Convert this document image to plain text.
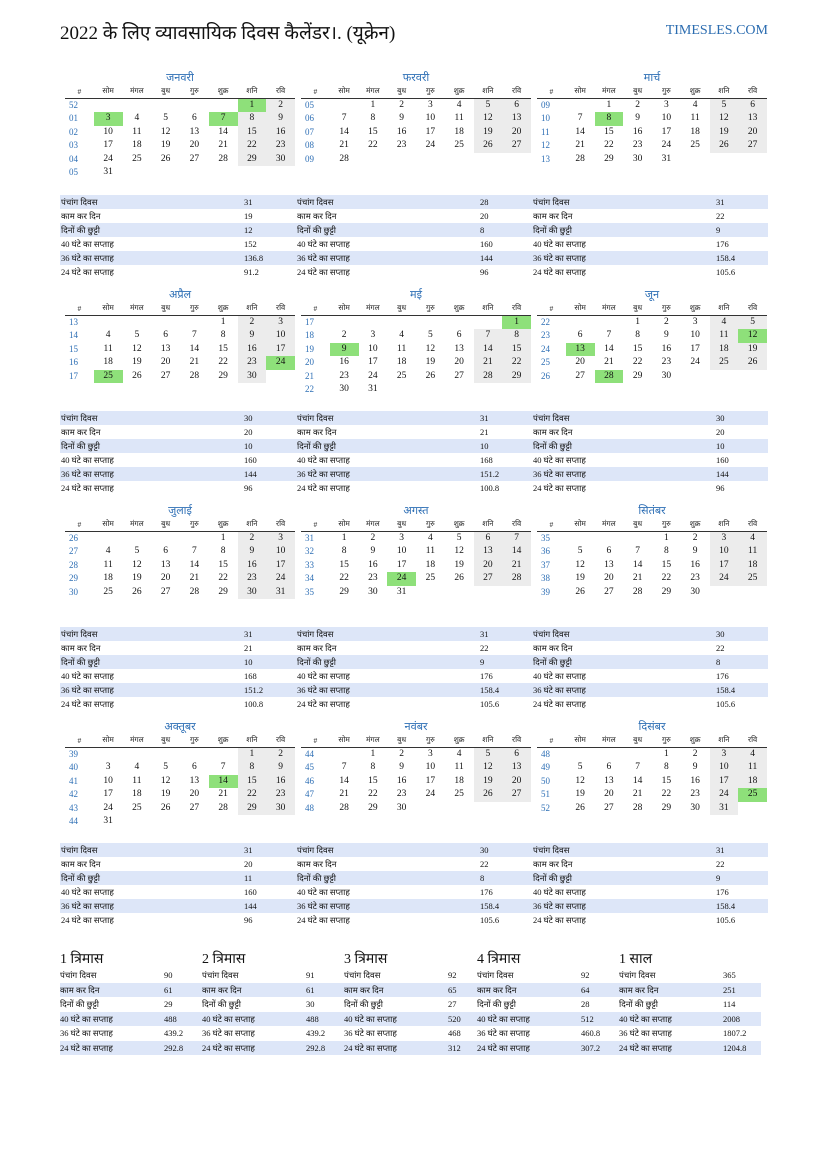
2022 के लिए व्यावसायिक दिवस कैलेंडर।. (यूक्रेन)	TIMESLES.COM
जनवरी
#	सोम	मंगल	बुध	गुरु	शुक्र	शनि	रवि
52						1	2
01	3	4	5	6	7	8	9
02	10	11	12	13	14	15	16
03	17	18	19	20	21	22	23
04	24	25	26	27	28	29	30
05	31						
पंचांग दिवस	31
काम कर दिन	19
दिनों की छुट्टी	12
40 घंटे का सप्ताह	152
36 घंटे का सप्ताह	136.8
24 घंटे का सप्ताह	91.2
फरवरी
#	सोम	मंगल	बुध	गुरु	शुक्र	शनि	रवि
05		1	2	3	4	5	6
06	7	8	9	10	11	12	13
07	14	15	16	17	18	19	20
08	21	22	23	24	25	26	27
09	28						
पंचांग दिवस	28
काम कर दिन	20
दिनों की छुट्टी	8
40 घंटे का सप्ताह	160
36 घंटे का सप्ताह	144
24 घंटे का सप्ताह	96
मार्च
#	सोम	मंगल	बुध	गुरु	शुक्र	शनि	रवि
09		1	2	3	4	5	6
10	7	8	9	10	11	12	13
11	14	15	16	17	18	19	20
12	21	22	23	24	25	26	27
13	28	29	30	31			
पंचांग दिवस	31
काम कर दिन	22
दिनों की छुट्टी	9
40 घंटे का सप्ताह	176
36 घंटे का सप्ताह	158.4
24 घंटे का सप्ताह	105.6
अप्रैल
#	सोम	मंगल	बुध	गुरु	शुक्र	शनि	रवि
13					1	2	3
14	4	5	6	7	8	9	10
15	11	12	13	14	15	16	17
16	18	19	20	21	22	23	24
17	25	26	27	28	29	30	
पंचांग दिवस	30
काम कर दिन	20
दिनों की छुट्टी	10
40 घंटे का सप्ताह	160
36 घंटे का सप्ताह	144
24 घंटे का सप्ताह	96
मई
#	सोम	मंगल	बुध	गुरु	शुक्र	शनि	रवि
17							1
18	2	3	4	5	6	7	8
19	9	10	11	12	13	14	15
20	16	17	18	19	20	21	22
21	23	24	25	26	27	28	29
22	30	31					
पंचांग दिवस	31
काम कर दिन	21
दिनों की छुट्टी	10
40 घंटे का सप्ताह	168
36 घंटे का सप्ताह	151.2
24 घंटे का सप्ताह	100.8
जून
#	सोम	मंगल	बुध	गुरु	शुक्र	शनि	रवि
22			1	2	3	4	5
23	6	7	8	9	10	11	12
24	13	14	15	16	17	18	19
25	20	21	22	23	24	25	26
26	27	28	29	30			
पंचांग दिवस	30
काम कर दिन	20
दिनों की छुट्टी	10
40 घंटे का सप्ताह	160
36 घंटे का सप्ताह	144
24 घंटे का सप्ताह	96
जुलाई
#	सोम	मंगल	बुध	गुरु	शुक्र	शनि	रवि
26					1	2	3
27	4	5	6	7	8	9	10
28	11	12	13	14	15	16	17
29	18	19	20	21	22	23	24
30	25	26	27	28	29	30	31
पंचांग दिवस	31
काम कर दिन	21
दिनों की छुट्टी	10
40 घंटे का सप्ताह	168
36 घंटे का सप्ताह	151.2
24 घंटे का सप्ताह	100.8
अगस्त
#	सोम	मंगल	बुध	गुरु	शुक्र	शनि	रवि
31	1	2	3	4	5	6	7
32	8	9	10	11	12	13	14
33	15	16	17	18	19	20	21
34	22	23	24	25	26	27	28
35	29	30	31				
पंचांग दिवस	31
काम कर दिन	22
दिनों की छुट्टी	9
40 घंटे का सप्ताह	176
36 घंटे का सप्ताह	158.4
24 घंटे का सप्ताह	105.6
सितंबर
#	सोम	मंगल	बुध	गुरु	शुक्र	शनि	रवि
35				1	2	3	4
36	5	6	7	8	9	10	11
37	12	13	14	15	16	17	18
38	19	20	21	22	23	24	25
39	26	27	28	29	30		
पंचांग दिवस	30
काम कर दिन	22
दिनों की छुट्टी	8
40 घंटे का सप्ताह	176
36 घंटे का सप्ताह	158.4
24 घंटे का सप्ताह	105.6
अक्तूबर
#	सोम	मंगल	बुध	गुरु	शुक्र	शनि	रवि
39						1	2
40	3	4	5	6	7	8	9
41	10	11	12	13	14	15	16
42	17	18	19	20	21	22	23
43	24	25	26	27	28	29	30
44	31						
पंचांग दिवस	31
काम कर दिन	20
दिनों की छुट्टी	11
40 घंटे का सप्ताह	160
36 घंटे का सप्ताह	144
24 घंटे का सप्ताह	96
नवंबर
#	सोम	मंगल	बुध	गुरु	शुक्र	शनि	रवि
44		1	2	3	4	5	6
45	7	8	9	10	11	12	13
46	14	15	16	17	18	19	20
47	21	22	23	24	25	26	27
48	28	29	30				
पंचांग दिवस	30
काम कर दिन	22
दिनों की छुट्टी	8
40 घंटे का सप्ताह	176
36 घंटे का सप्ताह	158.4
24 घंटे का सप्ताह	105.6
दिसंबर
#	सोम	मंगल	बुध	गुरु	शुक्र	शनि	रवि
48				1	2	3	4
49	5	6	7	8	9	10	11
50	12	13	14	15	16	17	18
51	19	20	21	22	23	24	25
52	26	27	28	29	30	31	
पंचांग दिवस	31
काम कर दिन	22
दिनों की छुट्टी	9
40 घंटे का सप्ताह	176
36 घंटे का सप्ताह	158.4
24 घंटे का सप्ताह	105.6
1 त्रिमास
पंचांग दिवस	90
काम कर दिन	61
दिनों की छुट्टी	29
40 घंटे का सप्ताह	488
36 घंटे का सप्ताह	439.2
24 घंटे का सप्ताह	292.8
2 त्रिमास
पंचांग दिवस	91
काम कर दिन	61
दिनों की छुट्टी	30
40 घंटे का सप्ताह	488
36 घंटे का सप्ताह	439.2
24 घंटे का सप्ताह	292.8
3 त्रिमास
पंचांग दिवस	92
काम कर दिन	65
दिनों की छुट्टी	27
40 घंटे का सप्ताह	520
36 घंटे का सप्ताह	468
24 घंटे का सप्ताह	312
4 त्रिमास
पंचांग दिवस	92
काम कर दिन	64
दिनों की छुट्टी	28
40 घंटे का सप्ताह	512
36 घंटे का सप्ताह	460.8
24 घंटे का सप्ताह	307.2
1 साल
पंचांग दिवस	365
काम कर दिन	251
दिनों की छुट्टी	114
40 घंटे का सप्ताह	2008
36 घंटे का सप्ताह	1807.2
24 घंटे का सप्ताह	1204.8
